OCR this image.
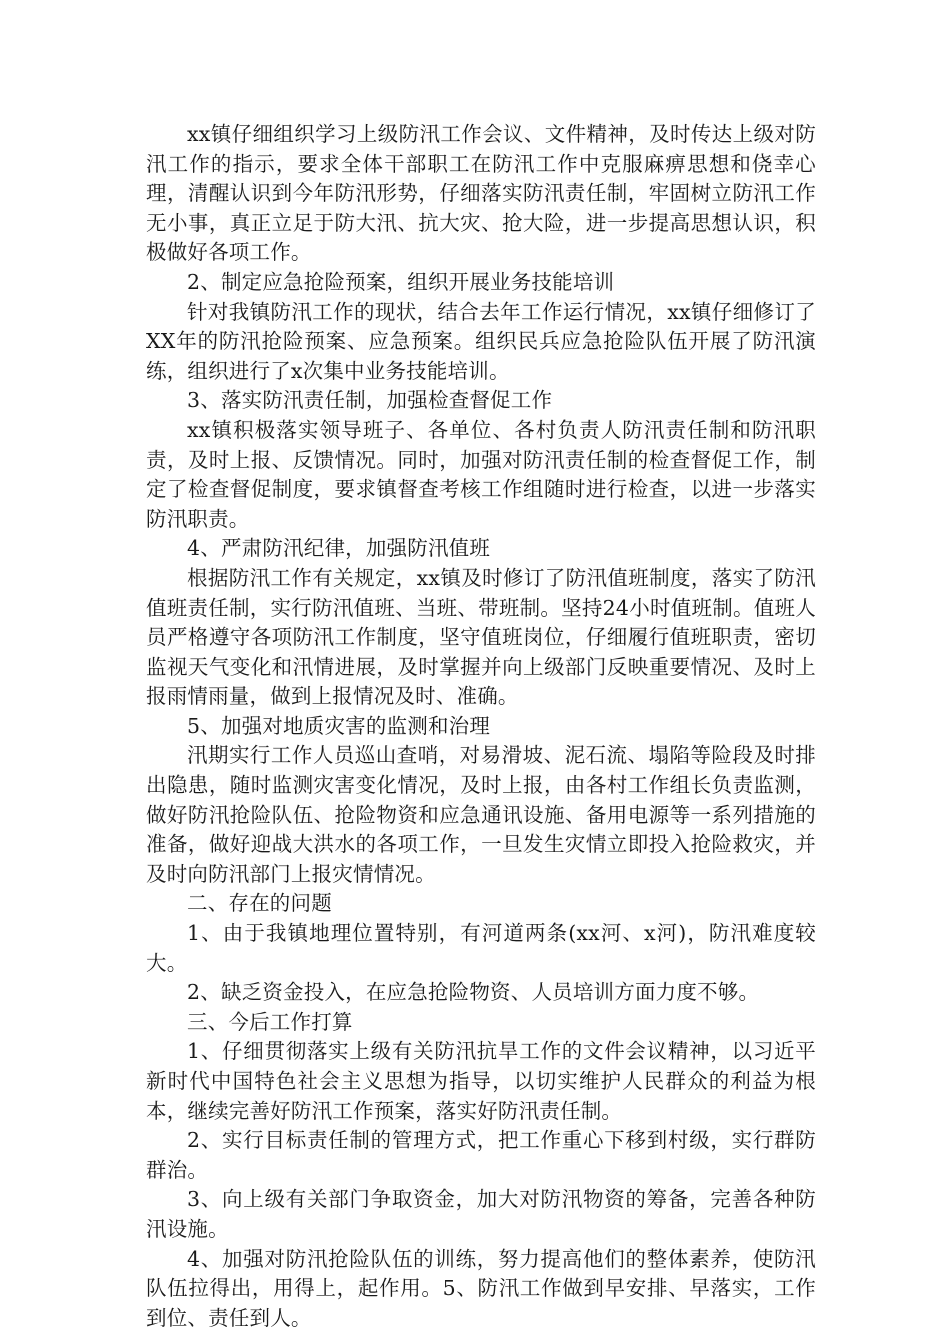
xx镇仔细组织学习上级防汛工作会议、文件精神，及时传达上级对防汛工作的指示，要求全体干部职工在防汛工作中克服麻痹思想和侥幸心理，清醒认识到今年防汛形势，仔细落实防汛责任制，牢固树立防汛工作无小事，真正立足于防大汛、抗大灾、抢大险，进一步提高思想认识，积极做好各项工作。

2、制定应急抢险预案，组织开展业务技能培训

针对我镇防汛工作的现状，结合去年工作运行情况，xx镇仔细修订了XX年的防汛抢险预案、应急预案。组织民兵应急抢险队伍开展了防汛演练，组织进行了x次集中业务技能培训。

3、落实防汛责任制，加强检查督促工作

xx镇积极落实领导班子、各单位、各村负责人防汛责任制和防汛职责，及时上报、反馈情况。同时，加强对防汛责任制的检查督促工作，制定了检查督促制度，要求镇督查考核工作组随时进行检查，以进一步落实防汛职责。

4、严肃防汛纪律，加强防汛值班

根据防汛工作有关规定，xx镇及时修订了防汛值班制度，落实了防汛值班责任制，实行防汛值班、当班、带班制。坚持24小时值班制。值班人员严格遵守各项防汛工作制度，坚守值班岗位，仔细履行值班职责，密切监视天气变化和汛情进展，及时掌握并向上级部门反映重要情况、及时上报雨情雨量，做到上报情况及时、准确。

5、加强对地质灾害的监测和治理

汛期实行工作人员巡山查哨，对易滑坡、泥石流、塌陷等险段及时排出隐患，随时监测灾害变化情况，及时上报，由各村工作组长负责监测，做好防汛抢险队伍、抢险物资和应急通讯设施、备用电源等一系列措施的准备，做好迎战大洪水的各项工作，一旦发生灾情立即投入抢险救灾，并及时向防汛部门上报灾情情况。

二、存在的问题

1、由于我镇地理位置特别，有河道两条(xx河、x河)，防汛难度较大。

2、缺乏资金投入，在应急抢险物资、人员培训方面力度不够。

三、今后工作打算

1、仔细贯彻落实上级有关防汛抗旱工作的文件会议精神，以习近平新时代中国特色社会主义思想为指导，以切实维护人民群众的利益为根本，继续完善好防汛工作预案，落实好防汛责任制。

2、实行目标责任制的管理方式，把工作重心下移到村级，实行群防群治。

3、向上级有关部门争取资金，加大对防汛物资的筹备，完善各种防汛设施。

4、加强对防汛抢险队伍的训练，努力提高他们的整体素养，使防汛队伍拉得出，用得上，起作用。5、防汛工作做到早安排、早落实，工作到位、责任到人。
